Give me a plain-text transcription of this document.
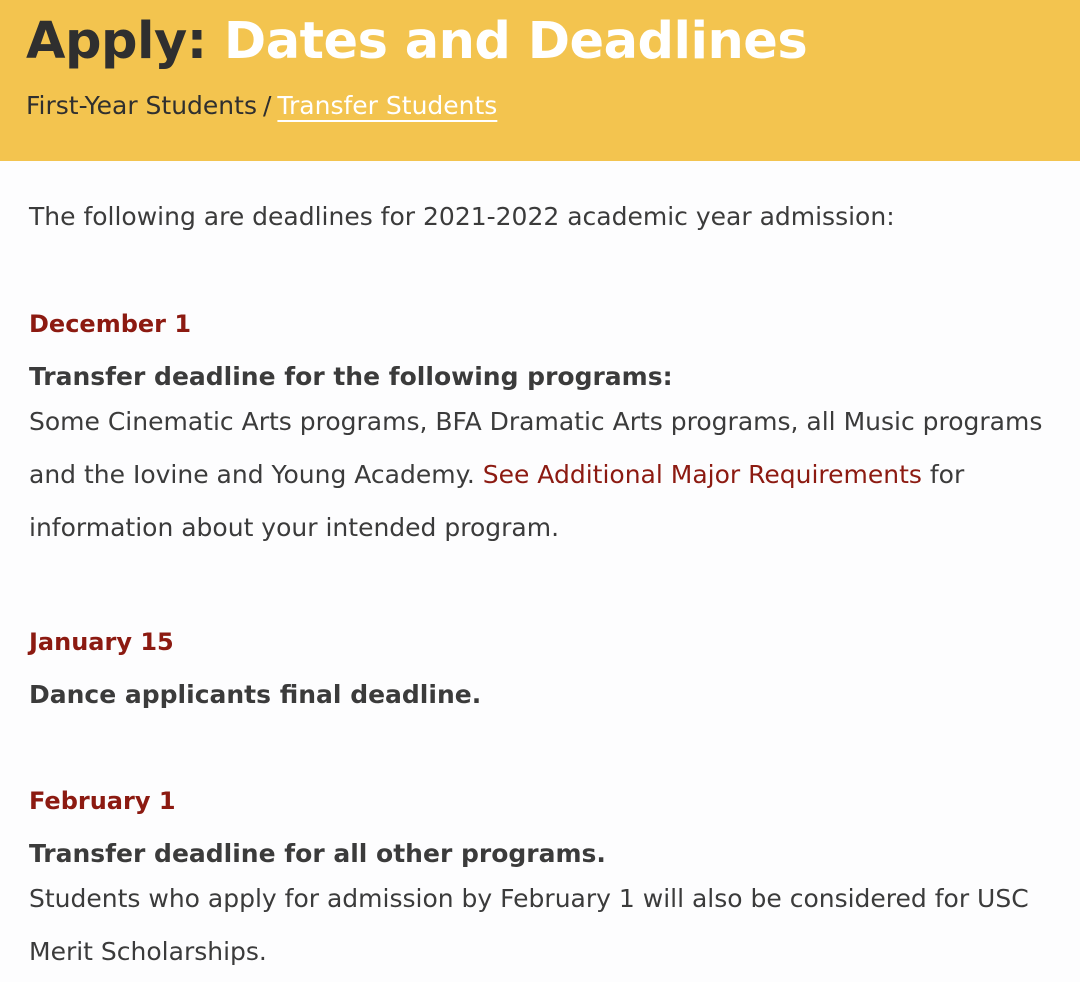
Apply: Dates and Deadlines
First-Year Students / Transfer Students

The following are deadlines for 2021-2022 academic year admission:

December 1
Transfer deadline for the following programs:
Some Cinematic Arts programs, BFA Dramatic Arts programs, all Music programs and the Iovine and Young Academy. See Additional Major Requirements for information about your intended program.
January 15
Dance applicants final deadline.
February 1
Transfer deadline for all other programs.
Students who apply for admission by February 1 will also be considered for USC Merit Scholarships.
